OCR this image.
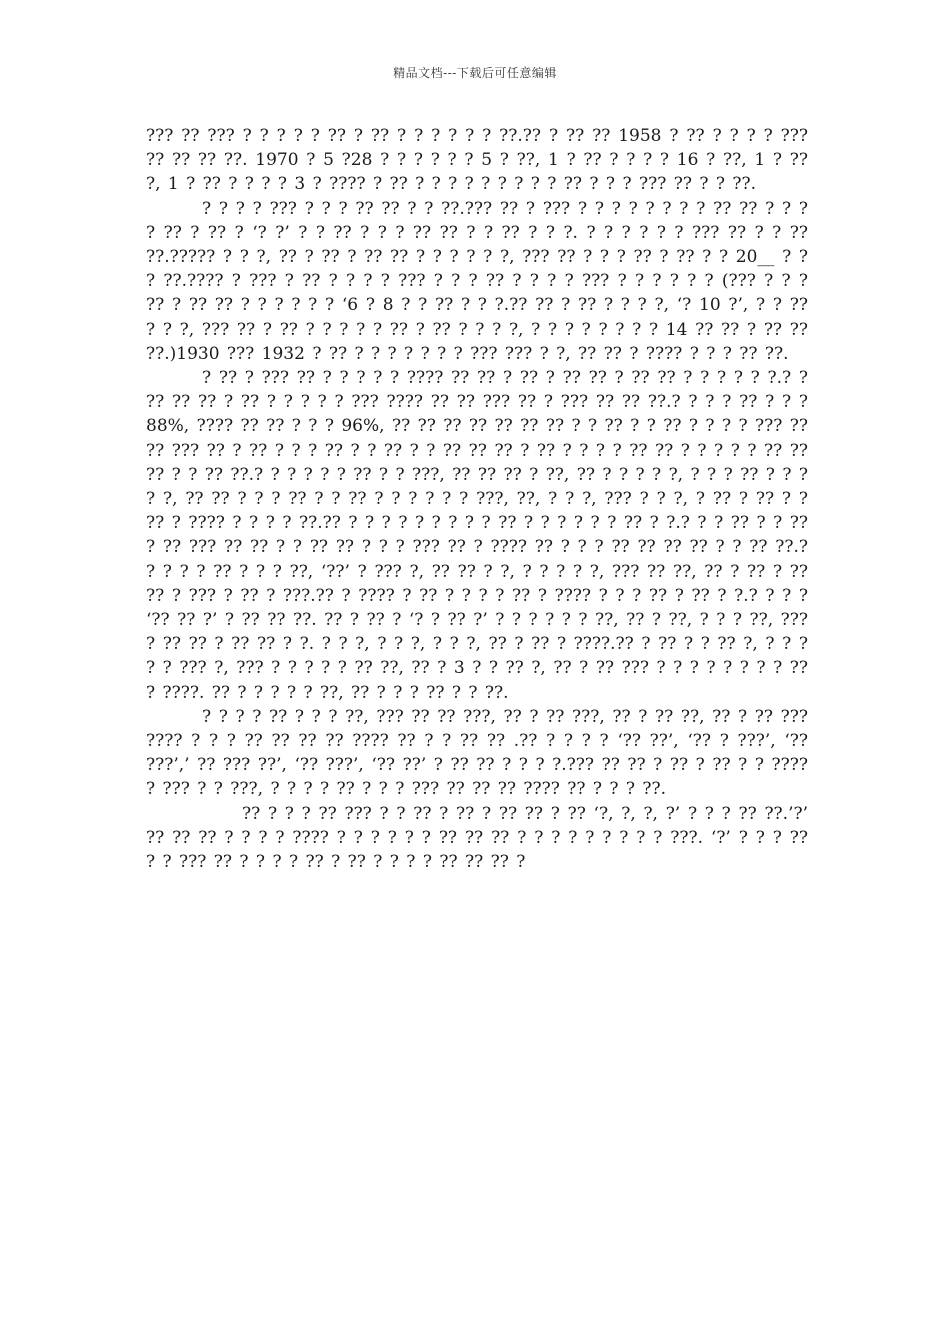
精品文档---下载后可任意编辑

??? ?? ??? ? ? ? ? ? ?? ? ?? ? ? ? ? ? ? ??.?? ? ?? ?? 1958 ? ?? ? ? ? ? ??? ?? ?? ?? ??. 1970 ? 5 ?28 ? ? ? ? ? ? 5 ? ??, 1 ? ?? ? ? ? ? 16 ? ??, 1 ? ?? ?, 1 ? ?? ? ? ? ? 3 ? ???? ? ?? ? ? ? ? ? ? ? ? ? ?? ? ? ? ??? ?? ? ? ??.

? ? ? ? ??? ? ? ? ?? ?? ? ? ??.??? ?? ? ??? ? ? ? ? ? ? ? ? ?? ?? ? ? ? ? ?? ? ?? ? ‘? ?’ ? ? ?? ? ? ? ?? ?? ? ? ?? ? ? ?. ? ? ? ? ? ? ??? ?? ? ? ?? ??.????? ? ? ?, ?? ? ?? ? ?? ?? ? ? ? ? ? ?, ??? ?? ? ? ? ?? ? ?? ? ? 20__ ? ? ? ??.???? ? ??? ? ?? ? ? ? ? ??? ? ? ? ?? ? ? ? ? ??? ? ? ? ? ? ? (??? ? ? ? ?? ? ?? ?? ? ? ? ? ? ? ‘6 ? 8 ? ? ?? ? ? ?.?? ?? ? ?? ? ? ? ?, ‘? 10 ?’, ? ? ?? ? ? ?, ??? ?? ? ?? ? ? ? ? ? ?? ? ?? ? ? ? ?, ? ? ? ? ? ? ? ? 14 ?? ?? ? ?? ?? ??.)1930 ??? 1932 ? ?? ? ? ? ? ? ? ? ??? ??? ? ?, ?? ?? ? ???? ? ? ? ?? ??.

? ?? ? ??? ?? ? ? ? ? ? ???? ?? ?? ? ?? ? ?? ?? ? ?? ?? ? ? ? ? ? ?.? ? ?? ?? ?? ? ?? ? ? ? ? ? ??? ???? ?? ?? ??? ?? ? ??? ?? ?? ??.? ? ? ? ?? ? ? ? 88%, ???? ?? ?? ? ? ? 96%, ?? ?? ?? ?? ?? ?? ?? ? ? ?? ? ? ?? ? ? ? ? ??? ?? ?? ??? ?? ? ?? ? ? ? ?? ? ? ?? ? ? ?? ?? ?? ? ?? ? ? ? ? ?? ?? ? ? ? ? ? ?? ?? ?? ? ? ?? ??.? ? ? ? ? ? ?? ? ? ???, ?? ?? ?? ? ??, ?? ? ? ? ? ?, ? ? ? ?? ? ? ? ? ?, ?? ?? ? ? ? ?? ? ? ?? ? ? ? ? ? ? ???, ??, ? ? ?, ??? ? ? ?, ? ?? ? ?? ? ? ?? ? ???? ? ? ? ? ??.?? ? ? ? ? ? ? ? ? ? ?? ? ? ? ? ? ? ?? ? ?.? ? ? ?? ? ? ?? ? ?? ??? ?? ?? ? ? ?? ?? ? ? ? ??? ?? ? ???? ?? ? ? ? ?? ?? ?? ?? ? ? ?? ??.? ? ? ? ? ?? ? ? ? ??, ‘??’ ? ??? ?, ?? ?? ? ?, ? ? ? ? ?, ??? ?? ??, ?? ? ?? ? ?? ?? ? ??? ? ?? ? ???.?? ? ???? ? ?? ? ? ? ? ?? ? ???? ? ? ? ?? ? ?? ? ?.? ? ? ? ‘?? ?? ?’ ? ?? ?? ??. ?? ? ?? ? ‘? ? ?? ?’ ? ? ? ? ? ? ??, ?? ? ??, ? ? ? ??, ??? ? ?? ?? ? ?? ?? ? ?. ? ? ?, ? ? ?, ? ? ?, ?? ? ?? ? ????.?? ? ?? ? ? ?? ?, ? ? ? ? ? ??? ?, ??? ? ? ? ? ? ?? ??, ?? ? 3 ? ? ?? ?, ?? ? ?? ??? ? ? ? ? ? ? ? ? ?? ? ????. ?? ? ? ? ? ? ??, ?? ? ? ? ?? ? ? ??.

? ? ? ? ?? ? ? ? ??, ??? ?? ?? ???, ?? ? ?? ???, ?? ? ?? ??, ?? ? ?? ??? ???? ? ? ? ?? ?? ?? ?? ???? ?? ? ? ?? ?? .?? ? ? ? ? ‘?? ??’, ‘?? ? ???’, ‘?? ???’,’ ?? ??? ??’, ‘?? ???’, ‘?? ??’ ? ?? ?? ? ? ? ?.??? ?? ?? ? ?? ? ?? ? ? ???? ? ??? ? ? ???, ? ? ? ? ?? ? ? ? ??? ?? ?? ?? ???? ?? ? ? ? ??.

?? ? ? ? ?? ??? ? ? ?? ? ?? ? ?? ?? ? ?? ‘?, ?, ?, ?’ ? ? ? ?? ??.’?’ ?? ?? ?? ? ? ? ? ???? ? ? ? ? ? ? ?? ?? ?? ? ? ? ? ? ? ? ? ? ???. ‘?’ ? ? ? ?? ? ? ??? ?? ? ? ? ? ?? ? ?? ? ? ? ? ?? ?? ?? ?
